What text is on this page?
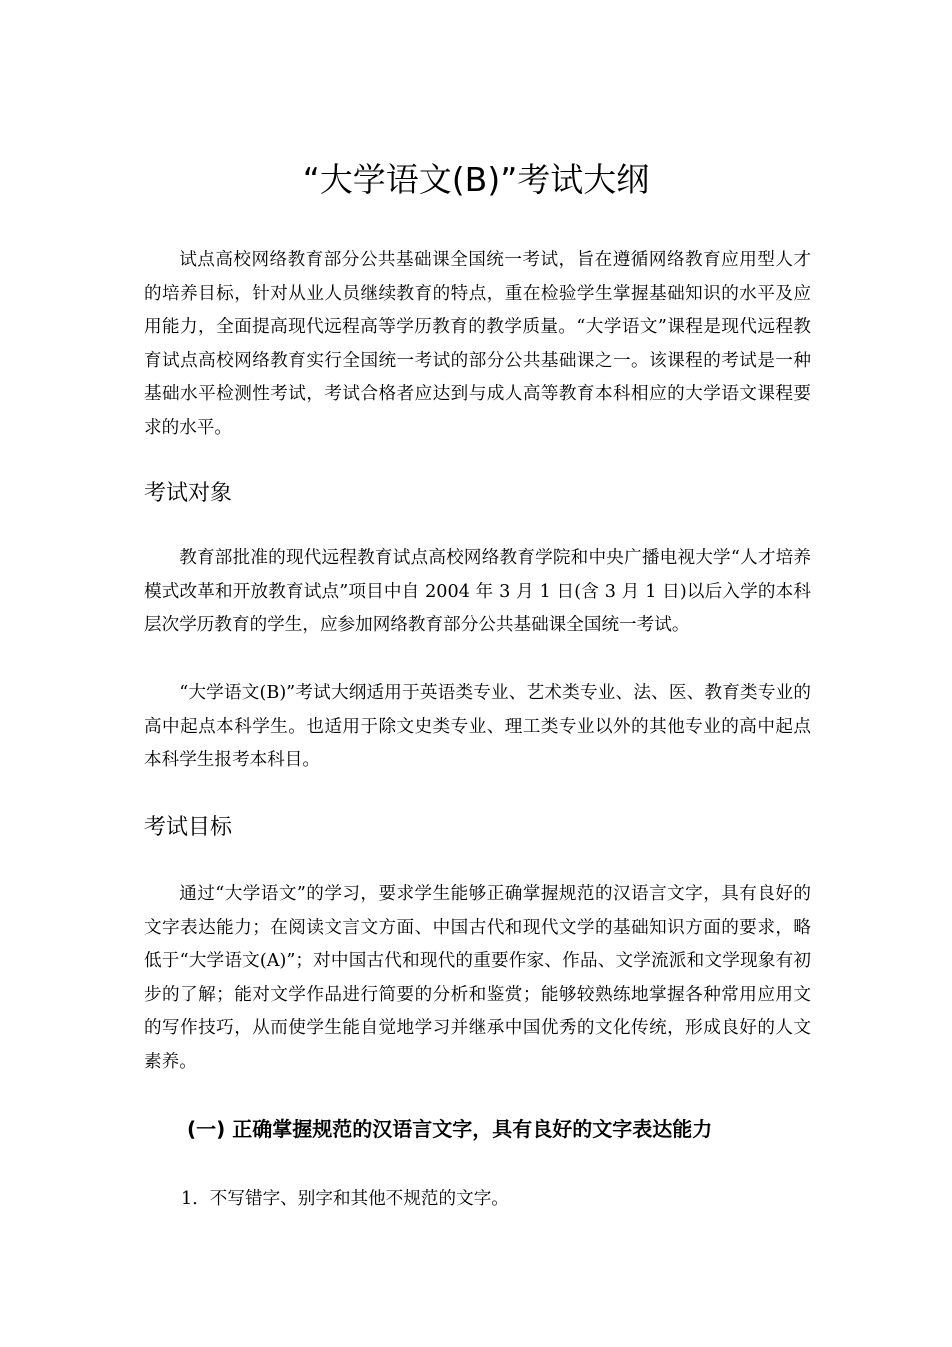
“大学语文(B)”考试大纲

试点高校网络教育部分公共基础课全国统一考试，旨在遵循网络教育应用型人才的培养目标，针对从业人员继续教育的特点，重在检验学生掌握基础知识的水平及应用能力，全面提高现代远程高等学历教育的教学质量。“大学语文”课程是现代远程教育试点高校网络教育实行全国统一考试的部分公共基础课之一。该课程的考试是一种基础水平检测性考试，考试合格者应达到与成人高等教育本科相应的大学语文课程要求的水平。

考试对象

教育部批准的现代远程教育试点高校网络教育学院和中央广播电视大学“人才培养模式改革和开放教育试点”项目中自 2004 年 3 月 1 日(含 3 月 1 日)以后入学的本科层次学历教育的学生，应参加网络教育部分公共基础课全国统一考试。

“大学语文(B)”考试大纲适用于英语类专业、艺术类专业、法、医、教育类专业的高中起点本科学生。也适用于除文史类专业、理工类专业以外的其他专业的高中起点本科学生报考本科目。

考试目标

通过“大学语文”的学习，要求学生能够正确掌握规范的汉语言文字，具有良好的文字表达能力；在阅读文言文方面、中国古代和现代文学的基础知识方面的要求，略低于“大学语文(A)”；对中国古代和现代的重要作家、作品、文学流派和文学现象有初步的了解；能对文学作品进行简要的分析和鉴赏；能够较熟练地掌握各种常用应用文的写作技巧，从而使学生能自觉地学习并继承中国优秀的文化传统，形成良好的人文素养。

(一) 正确掌握规范的汉语言文字，具有良好的文字表达能力

1．不写错字、别字和其他不规范的文字。
